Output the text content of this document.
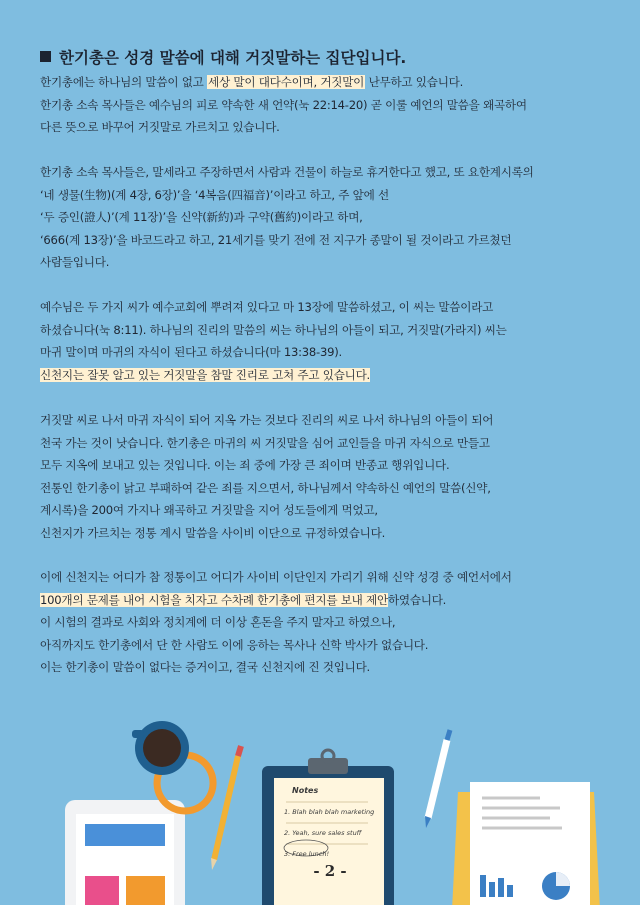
한기총은 성경 말씀에 대해 거짓말하는 집단입니다.
한기총에는 하나님의 말씀이 없고 세상 말이 대다수이며, 거짓말이 난무하고 있습니다.
한기총 소속 목사들은 예수님의 피로 약속한 새 언약(눅 22:14-20) 곧 이룰 예언의 말씀을 왜곡하여
다른 뜻으로 바꾸어 거짓말로 가르치고 있습니다.
한기총 소속 목사들은, 말세라고 주장하면서 사람과 건물이 하늘로 휴거한다고 했고, 또 요한계시록의
‘네 생물(生物)(계 4장, 6장)’을 ‘4복음(四福音)’이라고 하고, 주 앞에 선
‘두 증인(證人)’(계 11장)’을 신약(新約)과 구약(舊約)이라고 하며,
‘666(계 13장)’을 바코드라고 하고, 21세기를 맞기 전에 전 지구가 종말이 될 것이라고 가르쳤던
사람들입니다.
예수님은 두 가지 씨가 예수교회에 뿌려져 있다고 마 13장에 말씀하셨고, 이 씨는 말씀이라고
하셨습니다(눅 8:11). 하나님의 진리의 말씀의 씨는 하나님의 아들이 되고, 거짓말(가라지) 씨는
마귀 말이며 마귀의 자식이 된다고 하셨습니다(마 13:38-39).
신천지는 잘못 알고 있는 거짓말을 참말 진리로 고쳐 주고 있습니다.
거짓말 씨로 나서 마귀 자식이 되어 지옥 가는 것보다 진리의 씨로 나서 하나님의 아들이 되어
천국 가는 것이 낫습니다. 한기총은 마귀의 씨 거짓말을 심어 교인들을 마귀 자식으로 만들고
모두 지옥에 보내고 있는 것입니다. 이는 죄 중에 가장 큰 죄이며 반종교 행위입니다.
전통인 한기총이 낡고 부패하여 같은 죄를 지으면서, 하나님께서 약속하신 예언의 말씀(신약,
계시록)을 200여 가지나 왜곡하고 거짓말을 지어 성도들에게 먹었고,
신천지가 가르치는 정통 계시 말씀을 사이비 이단으로 규정하였습니다.
이에 신천지는 어디가 참 정통이고 어디가 사이비 이단인지 가리기 위해 신약 성경 중 예언서에서
100개의 문제를 내어 시험을 치자고 수차례 한기총에 편지를 보내 제안하였습니다.
이 시험의 결과로 사회와 정치계에 더 이상 혼돈을 주지 말자고 하였으나,
아직까지도 한기총에서 단 한 사람도 이에 응하는 목사나 신학 박사가 없습니다.
이는 한기총이 말씀이 없다는 증거이고, 결국 신천지에 진 것입니다.
Notes
1. Blah blah blah marketing
2. Yeah, sure sales stuff
3. Free lunch!
- 2 -
